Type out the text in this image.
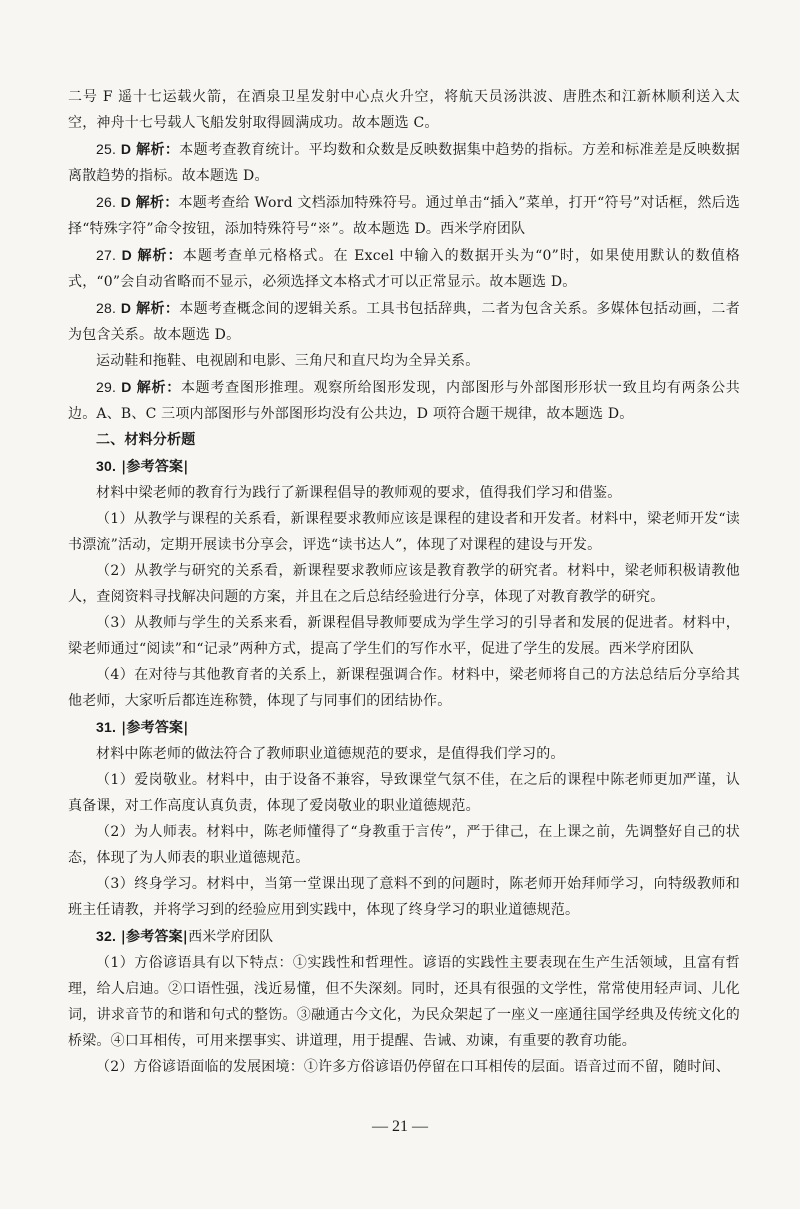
二号 F 遥十七运载火箭，在酒泉卫星发射中心点火升空，将航天员汤洪波、唐胜杰和江新林顺利送入太空，神舟十七号载人飞船发射取得圆满成功。故本题选 C。

25. D 解析：本题考查教育统计。平均数和众数是反映数据集中趋势的指标。方差和标准差是反映数据离散趋势的指标。故本题选 D。

26. D 解析：本题考查给 Word 文档添加特殊符号。通过单击“插入”菜单，打开“符号”对话框，然后选择“特殊字符”命令按钮，添加特殊符号“※”。故本题选 D。西米学府团队

27. D 解析：本题考查单元格格式。在 Excel 中输入的数据开头为“0”时，如果使用默认的数值格式，“0”会自动省略而不显示，必须选择文本格式才可以正常显示。故本题选 D。

28. D 解析：本题考查概念间的逻辑关系。工具书包括辞典，二者为包含关系。多媒体包括动画，二者为包含关系。故本题选 D。

运动鞋和拖鞋、电视剧和电影、三角尺和直尺均为全异关系。

29. D 解析：本题考查图形推理。观察所给图形发现，内部图形与外部图形形状一致且均有两条公共边。A、B、C 三项内部图形与外部图形均没有公共边，D 项符合题干规律，故本题选 D。

二、材料分析题

30. |参考答案|

材料中梁老师的教育行为践行了新课程倡导的教师观的要求，值得我们学习和借鉴。

（1）从教学与课程的关系看，新课程要求教师应该是课程的建设者和开发者。材料中，梁老师开发“读书漂流”活动，定期开展读书分享会，评选“读书达人”，体现了对课程的建设与开发。

（2）从教学与研究的关系看，新课程要求教师应该是教育教学的研究者。材料中，梁老师积极请教他人，查阅资料寻找解决问题的方案，并且在之后总结经验进行分享，体现了对教育教学的研究。

（3）从教师与学生的关系来看，新课程倡导教师要成为学生学习的引导者和发展的促进者。材料中，梁老师通过“阅读”和“记录”两种方式，提高了学生们的写作水平，促进了学生的发展。西米学府团队

（4）在对待与其他教育者的关系上，新课程强调合作。材料中，梁老师将自己的方法总结后分享给其他老师，大家听后都连连称赞，体现了与同事们的团结协作。

31. |参考答案|

材料中陈老师的做法符合了教师职业道德规范的要求，是值得我们学习的。

（1）爱岗敬业。材料中，由于设备不兼容，导致课堂气氛不佳，在之后的课程中陈老师更加严谨，认真备课，对工作高度认真负责，体现了爱岗敬业的职业道德规范。

（2）为人师表。材料中，陈老师懂得了“身教重于言传”，严于律己，在上课之前，先调整好自己的状态，体现了为人师表的职业道德规范。

（3）终身学习。材料中，当第一堂课出现了意料不到的问题时，陈老师开始拜师学习，向特级教师和班主任请教，并将学习到的经验应用到实践中，体现了终身学习的职业道德规范。

32. |参考答案|西米学府团队

（1）方俗谚语具有以下特点：①实践性和哲理性。谚语的实践性主要表现在生产生活领域，且富有哲理，给人启迪。②口语性强，浅近易懂，但不失深刻。同时，还具有很强的文学性，常常使用轻声词、儿化词，讲求音节的和谐和句式的整饬。③融通古今文化，为民众架起了一座义一座通往国学经典及传统文化的桥梁。④口耳相传，可用来摆事实、讲道理，用于提醒、告诫、劝谏，有重要的教育功能。

（2）方俗谚语面临的发展困境：①许多方俗谚语仍停留在口耳相传的层面。语音过而不留，随时间、

— 21 —
